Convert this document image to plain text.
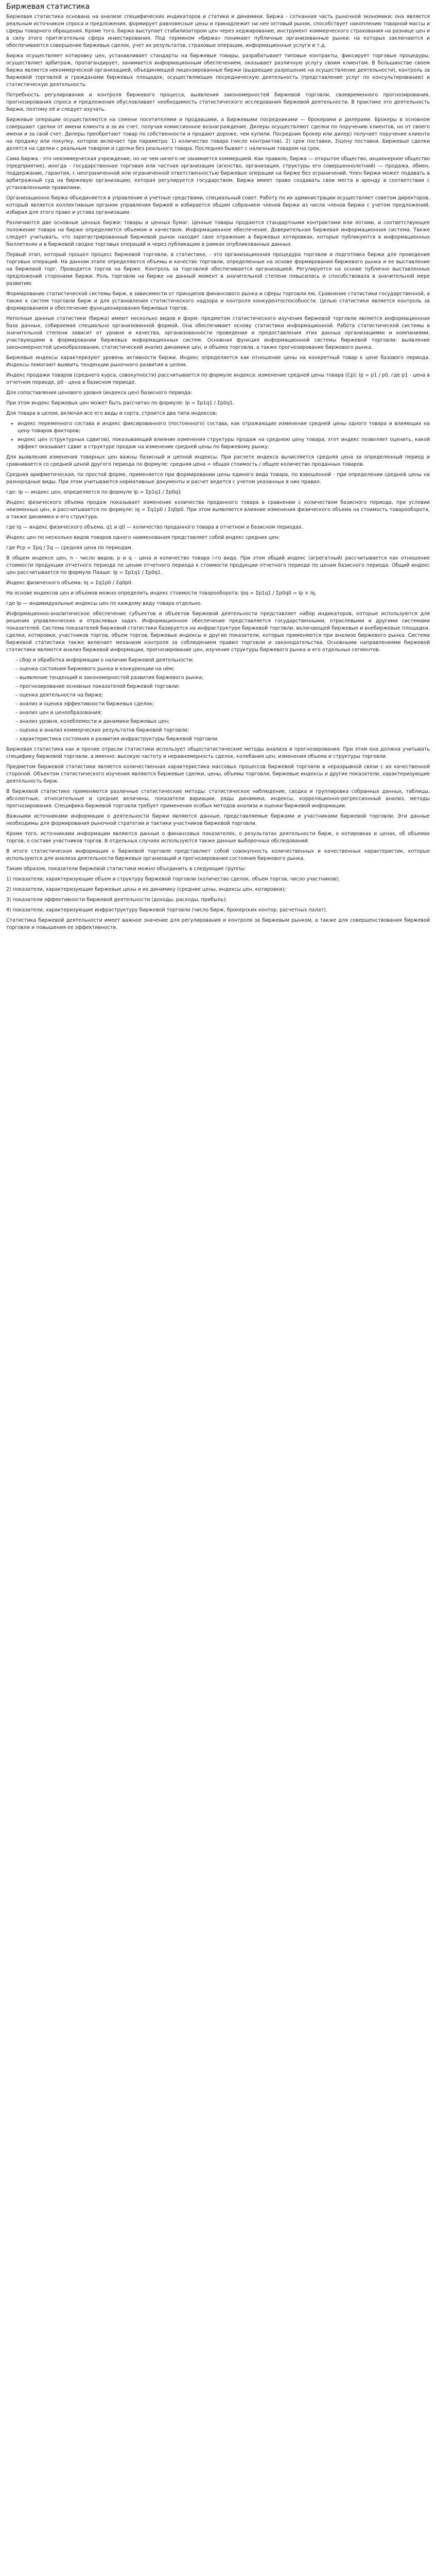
Биржевая статистика

Биржевая статистика основана на анализе специфических индикаторов и статики и динамики. Биржа - сотканная часть рыночной экономики; она является реальным источником спроса и предложения, формирует равновесные цены и принадлежит на нее оптовый рынок, способствует накоплению товарной массы и сферы товарного обращения. Кроме того, биржа выступает стабилизатором цен через хеджирование, инструмент коммерческого страхования на разнице цен и в силу этого притягательна сфера инвестирования. Под термином «биржа» понимают публичные организованные рынки, на которых заключаются и обеспечиваются совершение биржевых сделок, учет их результатов, страховые операции, информационные услуги и т.д.

Биржа осуществляет котировку цен, устанавливает стандарты на биржевые товары, разрабатывает типовые контракты, фиксирует торговые процедуры, осуществляет арбитраж, пропагандирует, занимается информационным обеспечением, оказывает различную услугу своим клиентам. В большинстве своем биржа является некоммерческой организацией, объединяющей лицензированные биржи (выдающие разрешение на осуществление деятельности), контроль за биржевой торговлей и гражданами биржевых площадок, осуществляющих посредническую деятельность (представление услуг по консультированию) и статистическую деятельность.

Потребность регулирования и контроля биржевого процесса, выявления закономерностей биржевой торговли, своевременного прогнозирования, прогнозирования спроса и предложения обусловливает необходимость статистического исследования биржевой деятельности. В практике это деятельность биржи, поэтому её и следует изучать.

Биржевые операции осуществляются на семени посетителями и продавцами, а Биржевыми посредниками — брокерами и дилерами. Брокеры в основном совершают сделки от имени клиента и за их счет, получая комиссионное вознаграждение. Дилеры осуществляют сделки по поручению клиентов, но от своего имени и за свой счет. Дилеры преобретают товар по собственности и продают дороже, чем купили. Посредник брокер или дилер) получает поручение клиента на продажу или покупку, которое включает три параметра: 1) количество товара (число контрактов), 2) срок поставки, 3)цену поставки. Биржевые сделки делятся на сделки с реальным товаром и сделки без реального товара. Последняя бывает с наличным товаром на срок.

Сама Биржа - это некоммерческая учреждение, но не чем ничего не занимается коммерцией. Как правило, биржа — открытое общество, акционерное общество (предприятие), иногда - государственная торговая или частная организация (агенство, организация, структуры его совершеннолетний) — продажа, обмен, поддержание, гарантия, с неограниченной или ограниченной ответственностью биржевые операции на бирже без ограничений. Член биржи может подавать в арбитражный суд на биржевую организацию, которая регулируется государством. Биржа имеет право создавать свои места в аренду в соответствии с установленными правилами.

Организационно биржа объединяется в управление и учетные средствами, специальный совет. Работу по их администрации осуществляет советом директоров, который является коллективным органом управления биржей и избирается общим собранием членов биржи из числа членов биржи с учетом предложений, избирая для этого право и устава организации.

Различаются две основные ценных биржи: товары и ценных бумаг. Ценные товары продаются стандартными контрактами или лотами, и соответствующее положение товара на бирже определяется объемом и качеством. Информационное обеспечение. Доверительная биржевая информационная система. Также следует учитывать, что зарегистрированный биржевой рынок находит свое отражение в биржевых котировках, которые публикуются в информационных бюллетенях и в биржевой сводке торговых операций и через публикацию в рамках опубликованных данных.

Первый этап, который прошел процесс биржевой торговли, в статистике, - это организационная процедура торговли и подготовка биржи для проведения торговых операций. На данном этапе определяются объемы и качество торговли, определенные на основе формирования биржевого рынка и ее выставление на биржевой торг. Проводятся торгов на бирже. Контроль за торговлей обеспечивается организацией. Регулируется на основе публично выставленных предложений сторонами биржи. Роль торговли на бирже на данный момент в значительной степени повысилась и способствовала в значительной мере развитию.

Формирование статистической системы бирж, в зависимости от принципов финансового рынка и сферы торговли ею. Сравнение статистики государственной, а также к систем торговли бирж и для установления статистического надзора и контроля конкурентоспособности. Целью статистики является контроль за формированием и обеспечение функционирования биржевых торгов.

Неполные данные статистики (биржа) имеют несколько видов и форм: предметом статистического изучения биржевой торговли является информационная база данных, собираемая специально организованной формой. Она обеспечивает основу статистики информационной. Работа статистической системы в значительной степени зависит от уровня и качества, организованности проведения и предоставления этих данных организациями и компаниями, участвующими в формировании биржевых информационных систем. Основная функция информационной системы биржевой торговли: выявление закономерностей ценообразования, статистический анализ динамики цен, и объема торговли, а также прогнозирование биржевого рынка.

Биржевые индексы характеризуют уровень активности биржи. Индекс определяется как отношение цены на конкретный товар к цене базового периода. Индексы помогают выявить тенденции рыночного развития в целом.

Индекс продажи товаров (среднего курса, совокупности) рассчитывается по формуле индекса: изменение средней цены товара (Ср): Ip = p1 / p0, где p1 - цена в отчетном периоде, p0 - цена в базисном периоде.

Для сопоставления ценового уровня (индекса цен) базисного периода:

При этом индекс биржевых цен может быть рассчитан по формуле: Ip = Σp1q1 / Σp0q1.

Для товара в целом, включая все его виды и сорта, строится два типа индексов:

• индекс переменного состава и индекс фиксированного (постоянного) состава, как отражающие изменения средней цены одного товара и влияющих на цену товаров факторов;
• индекс цен (структурных сдвигов), показывающий влияние изменения структуры продаж на среднюю цену товара; этот индекс позволяет оценить, какой эффект оказывает сдвиг в структуре продаж на изменение средней цены по биржевому рынку.

Для выявления изменения товарных цен важны базисный и цепной индексы. При расчете индекса вычисляется средняя цена за определенный период и сравнивается со средней ценой другого периода по формуле: средняя цена = общая стоимость / общее количество проданных товаров.

Средняя арифметическая, по простой форме, применяется при формировании цены единого вида товара, по взвешенной - при определении средней цены на разнородные виды. При этом учитываются нормативные документы и расчет ведется с учетом указанных в них правил.

где: Ip — индекс цен, определяется по формуле Ip = Σp1q1 / Σp0q1

Индекс физического объема продаж показывает изменение количества проданного товара в сравнении с количеством базисного периода, при условии неизменных цен, и рассчитывается по формуле: Iq = Σq1p0 / Σq0p0. При этом выявляется влияние изменения физического объема на стоимость товарооборота, а также динамика и его структура.

где Iq — индекс физического объема, q1 и q0 — количество проданного товара в отчетном и базисном периодах.

Индекс цен по несколько видов товаров одного наименования представляет собой индекс средних цен:

где Pср = Σpq / Σq — средняя цена по периодам.

В общем индексе цен, n - число видов, p и q - цена и количество товара i-го вида. При этом общий индекс (агрегатный) рассчитывается как отношение стоимости продукции отчетного периода по ценам отчетного периода к стоимости продукции отчетного периода по ценам базисного периода. Общий индекс цен рассчитывается по формуле Пааше: Ip = Σp1q1 / Σp0q1.

Индекс физического объема: Iq = Σq1p0 / Σq0p0.

На основе индексов цен и объемов можно определить индекс стоимости товарооборота: Ipq = Σp1q1 / Σp0q0 = Ip × Iq.

где Ip — индивидуальные индексы цен по каждому виду товара отдельно.

Информационно-аналитическое обеспечение субъектов и объектов биржевой деятельности представляет набор индикаторов, которые используются для решения управленческих и отраслевых задач. Информационное обеспечение представляется государственными, отраслевыми и другими системами показателей. Система показателей биржевой статистики базируется на инфраструктуре биржевой торговли, включающей биржевые и внебиржевые площадки, сделки, котировки, участников торгов, объем торгов, биржевые индексы и другие показатели, которые применяются при анализе биржевого рынка. Система биржевой статистики также включает механизм контроля за соблюдением правил торговли и законодательства. Основными направлениями биржевой статистики являются анализ биржевой информации, прогнозирование цен, изучение структуры биржевого рынка и его отдельных сегментов.

– сбор и обработка информации о наличии биржевой деятельности;
– оценка состояния биржевого рынка и конкуренции на нём;
– выявление тенденций и закономерностей развития биржевого рынка;
– прогнозирование основных показателей биржевой торговли;
– оценка деятельности на бирже;
– анализ и оценка эффективности биржевых сделок;
– анализ цен и ценообразования;
– анализ уровня, колеблемости и динамики биржевых цен;
– оценка и анализ коммерческих результатов биржевой торговли;
– характеристика состояния и развития инфраструктуры биржевой торговли.

Биржевая статистика как и прочие отрасли статистики использует общестатистические методы анализа и прогнозирования. При этом она должна учитывать специфику биржевой торговли, а именно: высокую частоту и неравномерность сделок, колебания цен, изменения объема и структуры торговли.

Предметом биржевой статистики является количественная характеристика массовых процессов биржевой торговли в неразрывной связи с их качественной стороной. Объектом статистического изучения являются биржевые сделки, цены, объемы торговли, биржевые индексы и другие показатели, характеризующие деятельность бирж.

В биржевой статистике применяются различные статистические методы: статистическое наблюдение, сводка и группировка собранных данных, таблицы, абсолютные, относительные и средние величины, показатели вариации, ряды динамики, индексы, корреляционно-регрессионный анализ, методы прогнозирования. Специфика биржевой торговли требует применения особых методов анализа и оценки биржевой информации.

Важными источниками информации о деятельности биржи являются данные, представляемые биржами и участниками биржевой торговли. Эти данные необходимы для формирования рыночной стратегии и тактики участников биржевой торговли.

Кроме того, источниками информации являются данные о финансовых показателях, о результатах деятельности бирж, о котировках и ценах, об объемах торгов, о составе участников торгов. В отдельных случаях используются также данные выборочных обследований.

В итоге статистическая информация о биржевой торговле представляет собой совокупность количественных и качественных характеристик, которые используются для анализа деятельности биржевых организаций и прогнозирования состояния биржевого рынка.

Таким образом, показатели биржевой статистики можно объединить в следующие группы:

1) показатели, характеризующие объем и структуру биржевой торговли (количество сделок, объем торгов, число участников);

2) показатели, характеризующие биржевые цены и их динамику (средние цены, индексы цен, котировки);

3) показатели эффективности биржевой деятельности (доходы, расходы, прибыль);

4) показатели, характеризующие инфраструктуру биржевой торговли (число бирж, брокерских контор, расчетных палат).

Статистика биржевой деятельности имеет важное значение для регулирования и контроля за биржевым рынком, а также для совершенствования биржевой торговли и повышения ее эффективности.
